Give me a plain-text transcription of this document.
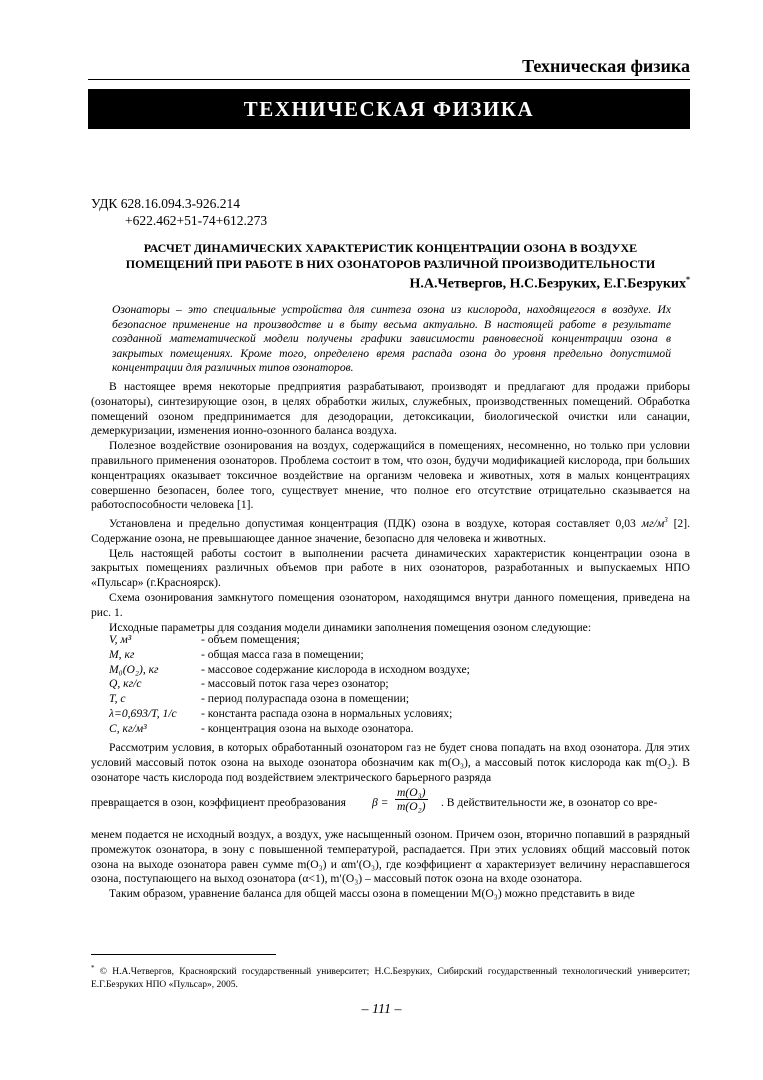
Техническая физика
ТЕХНИЧЕСКАЯ ФИЗИКА
УДК 628.16.094.3-926.214
+622.462+51-74+612.273
РАСЧЕТ ДИНАМИЧЕСКИХ ХАРАКТЕРИСТИК КОНЦЕНТРАЦИИ ОЗОНА В ВОЗДУХЕ
ПОМЕЩЕНИЙ ПРИ РАБОТЕ В НИХ ОЗОНАТОРОВ РАЗЛИЧНОЙ ПРОИЗВОДИТЕЛЬНОСТИ
Н.А.Четвергов, Н.С.Безруких, Е.Г.Безруких*
Озонаторы – это специальные устройства для синтеза озона из кислорода, находящегося в воздухе. Их безопасное применение на производстве и в быту весьма актуально. В настоящей работе в результате созданной математической модели получены графики зависимости равновесной концентрации озона в закрытых помещениях. Кроме того, определено время распада озона до уровня предельно допустимой концентрации для различных типов озонаторов.

В настоящее время некоторые предприятия разрабатывают, производят и предлагают для продажи приборы (озонаторы), синтезирующие озон, в целях обработки жилых, служебных, производственных помещений. Обработка помещений озоном предпринимается для дезодорации, детоксикации, биологической очистки или санации, демеркуризации, изменения ионно-озонного баланса воздуха.

Полезное воздействие озонирования на воздух, содержащийся в помещениях, несомненно, но только при условии правильного применения озонаторов. Проблема состоит в том, что озон, будучи модификацией кислорода, при больших концентрациях оказывает токсичное воздействие на организм человека и животных, хотя в малых концентрациях совершенно безопасен, более того, существует мнение, что полное его отсутствие отрицательно сказывается на работоспособности человека [1].

Установлена и предельно допустимая концентрация (ПДК) озона в воздухе, которая составляет 0,03 $мг/м^3$ [2]. Содержание озона, не превышающее данное значение, безопасно для человека и животных.

Цель настоящей работы состоит в выполнении расчета динамических характеристик концентрации озона в закрытых помещениях различных объемов при работе в них озонаторов, разработанных и выпускаемых НПО «Пульсар» (г.Красноярск).

Схема озонирования замкнутого помещения озонатором, находящимся внутри данного помещения, приведена на рис. 1.

Исходные параметры для создания модели динамики заполнения помещения озоном следующие:

V, м³	- объем помещения;
M, кг	- общая масса газа в помещении;
M₀(O₂), кг	- массовое содержание кислорода в исходном воздухе;
Q, кг/с	- массовый поток газа через озонатор;
T, с	- период полураспада озона в помещении;
λ=0,693/T, 1/с	- константа распада озона в нормальных условиях;
C, кг/м³	- концентрация озона на выходе озонатора.

Рассмотрим условия, в которых обработанный озонатором газ не будет снова попадать на вход озонатора. Для этих условий массовый поток озона на выходе озонатора обозначим как m(O₃), а массовый поток кислорода как m(O₂). В озонаторе часть кислорода под воздействием электрического барьерного разряда

превращается в озон, коэффициент преобразования $\beta = \frac{\text{m(O₃)}}{\text{m(O₂)}}$ . В действительности же, в озонатор со вре-

менем подается не исходный воздух, а воздух, уже насыщенный озоном. Причем озон, вторично попавший в разрядный промежуток озонатора, в зону с повышенной температурой, распадается. При этих условиях общий массовый поток озона на выходе озонатора равен сумме m(O₃) и αm′(O₃), где коэффициент α характеризует величину нераспавшегося озона, поступающего на выход озонатора (α<1), m′(O₃) – массовый поток озона на входе озонатора.

Таким образом, уравнение баланса для общей массы озона в помещении M(O₃) можно представить в виде

* © Н.А.Четвергов, Красноярский государственный университет; Н.С.Безруких, Сибирский государственный технологический университет; Е.Г.Безруких НПО «Пульсар», 2005.
– 111 –
